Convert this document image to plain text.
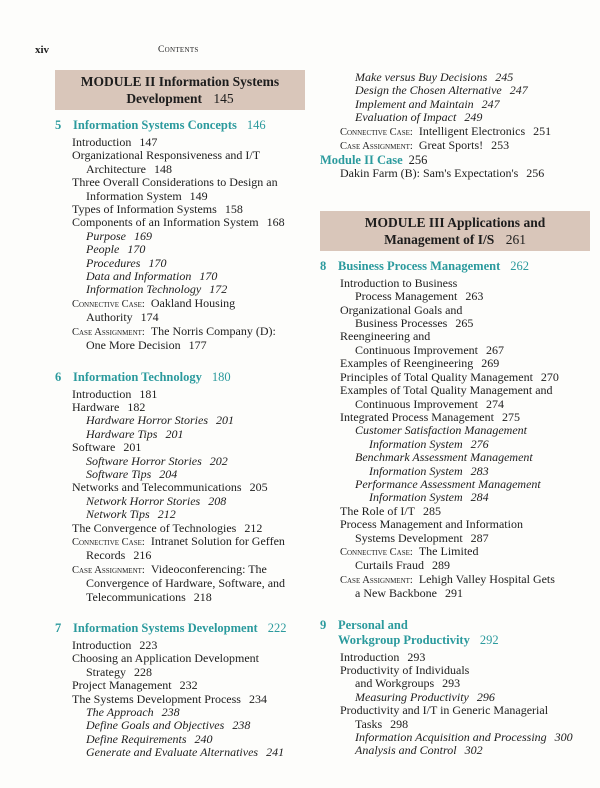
xiv	Contents
MODULE II Information Systems
Development 145
5 Information Systems Concepts 146
Introduction 147
Organizational Responsiveness and I/T
Architecture 148
Three Overall Considerations to Design an
Information System 149
Types of Information Systems 158
Components of an Information System 168
Purpose 169
People 170
Procedures 170
Data and Information 170
Information Technology 172
Connective Case: Oakland Housing
Authority 174
Case Assignment: The Norris Company (D):
One More Decision 177
6 Information Technology 180
Introduction 181
Hardware 182
Hardware Horror Stories 201
Hardware Tips 201
Software 201
Software Horror Stories 202
Software Tips 204
Networks and Telecommunications 205
Network Horror Stories 208
Network Tips 212
The Convergence of Technologies 212
Connective Case: Intranet Solution for Geffen
Records 216
Case Assignment: Videoconferencing: The
Convergence of Hardware, Software, and
Telecommunications 218
7 Information Systems Development 222
Introduction 223
Choosing an Application Development
Strategy 228
Project Management 232
The Systems Development Process 234
The Approach 238
Define Goals and Objectives 238
Define Requirements 240
Generate and Evaluate Alternatives 241
Make versus Buy Decisions 245
Design the Chosen Alternative 247
Implement and Maintain 247
Evaluation of Impact 249
Connective Case: Intelligent Electronics 251
Case Assignment: Great Sports! 253
Module II Case 256
Dakin Farm (B): Sam's Expectation's 256
MODULE III Applications and
Management of I/S 261
8 Business Process Management 262
Introduction to Business
Process Management 263
Organizational Goals and
Business Processes 265
Reengineering and
Continuous Improvement 267
Examples of Reengineering 269
Principles of Total Quality Management 270
Examples of Total Quality Management and
Continuous Improvement 274
Integrated Process Management 275
Customer Satisfaction Management
Information System 276
Benchmark Assessment Management
Information System 283
Performance Assessment Management
Information System 284
The Role of I/T 285
Process Management and Information
Systems Development 287
Connective Case: The Limited
Curtails Fraud 289
Case Assignment: Lehigh Valley Hospital Gets
a New Backbone 291
9 Personal and
Workgroup Productivity 292
Introduction 293
Productivity of Individuals
and Workgroups 293
Measuring Productivity 296
Productivity and I/T in Generic Managerial
Tasks 298
Information Acquisition and Processing 300
Analysis and Control 302
